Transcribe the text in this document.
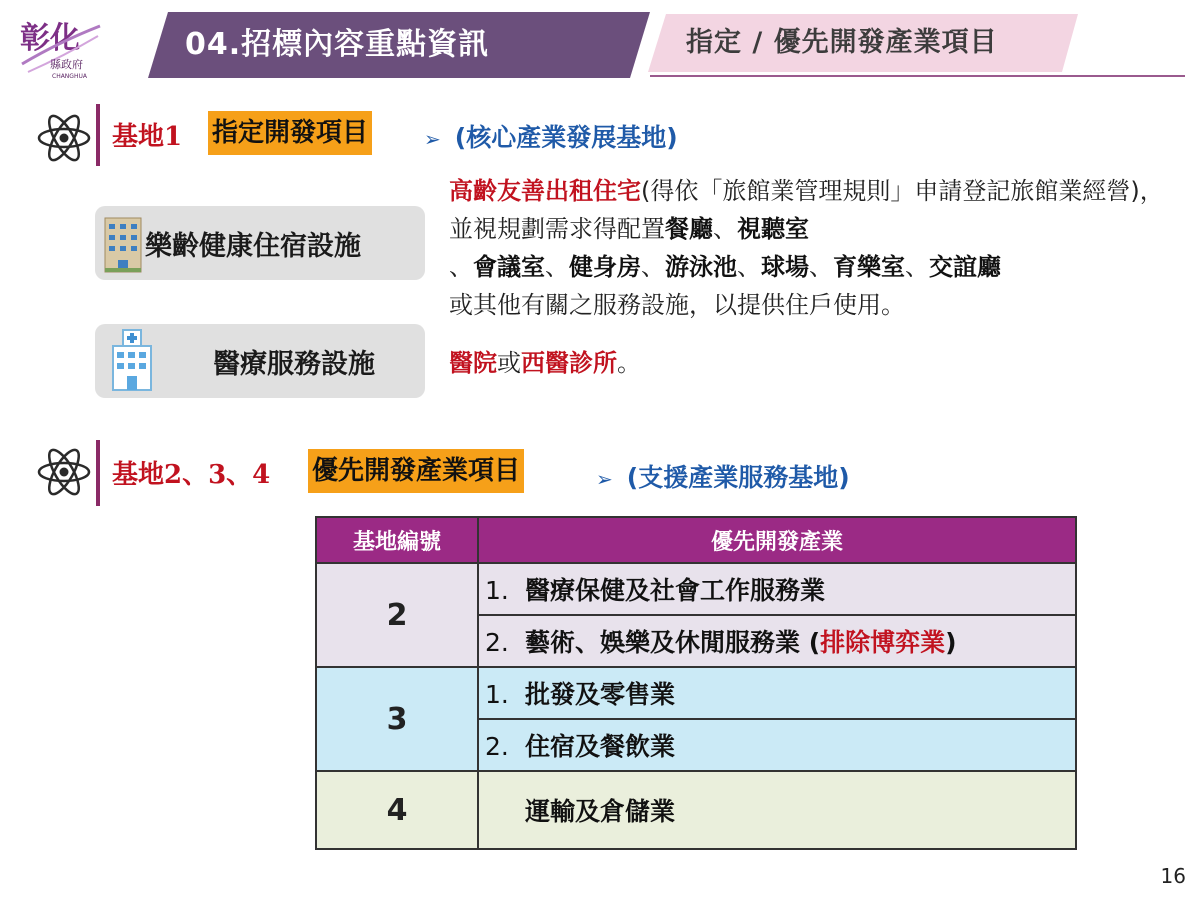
彰化
縣政府
CHANGHUA
04.招標內容重點資訊	指定 / 優先開發產業項目
基地1 指定開發項目	➢ (核心產業發展基地)
樂齡健康住宿設施
高齡友善出租住宅(得依「旅館業管理規則」申請登記旅館業經營)，並視規劃需求得配置餐廳、視聽室
、會議室、健身房、游泳池、球場、育樂室、交誼廳
或其他有關之服務設施，以提供住戶使用。
醫療服務設施	醫院或西醫診所。
基地2、3、4 優先開發產業項目	➢ (支援產業服務基地)
基地編號	優先開發產業
2	1. 醫療保健及社會工作服務業
	2. 藝術、娛樂及休閒服務業 (排除博弈業)
3	1. 批發及零售業
	2. 住宿及餐飲業
4	運輸及倉儲業
16
